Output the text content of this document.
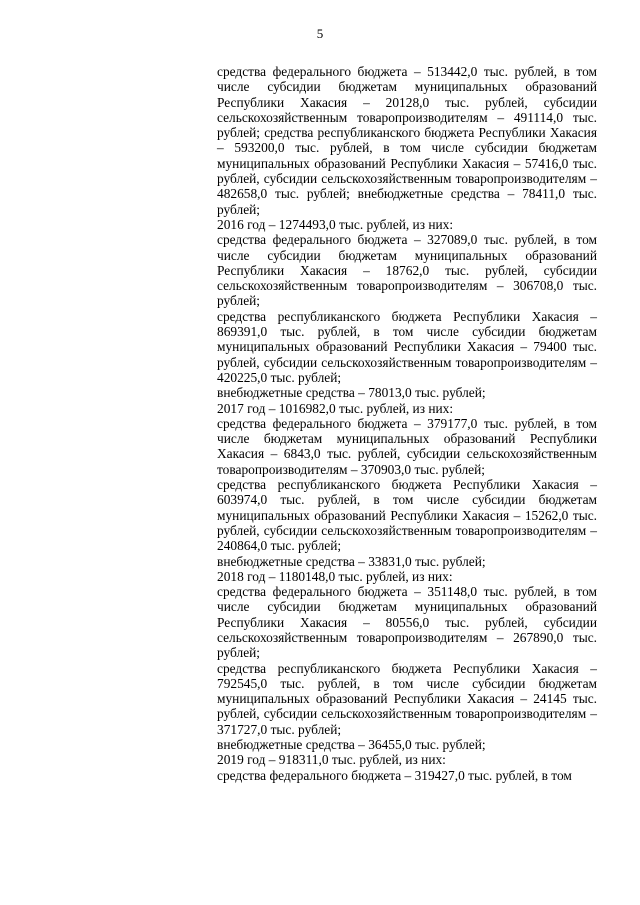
5

средства федерального бюджета – 513442,0 тыс. рублей, в том числе субсидии бюджетам муниципальных образований Республики Хакасия – 20128,0 тыс. рублей, субсидии сельскохозяйственным товаропроизводителям – 491114,0 тыс. рублей; средства республиканского бюджета Республики Хакасия – 593200,0 тыс. рублей, в том числе субсидии бюджетам муниципальных образований Республики Хакасия – 57416,0 тыс. рублей, субсидии сельскохозяйственным товаропроизводителям – 482658,0 тыс. рублей; внебюджетные средства – 78411,0 тыс. рублей;

2016 год – 1274493,0 тыс. рублей, из них:

средства федерального бюджета – 327089,0 тыс. рублей, в том числе субсидии бюджетам муниципальных образований Республики Хакасия – 18762,0 тыс. рублей, субсидии сельскохозяйственным товаропроизводителям – 306708,0 тыс. рублей;

средства республиканского бюджета Республики Хакасия – 869391,0 тыс. рублей, в том числе субсидии бюджетам муниципальных образований Республики Хакасия – 79400 тыс. рублей, субсидии сельскохозяйственным товаропроизводителям – 420225,0 тыс. рублей;

внебюджетные средства – 78013,0 тыс. рублей;

2017 год – 1016982,0 тыс. рублей, из них:

средства федерального бюджета – 379177,0 тыс. рублей, в том числе бюджетам муниципальных образований Республики Хакасия – 6843,0 тыс. рублей, субсидии сельскохозяйственным товаропроизводителям – 370903,0 тыс. рублей;

средства республиканского бюджета Республики Хакасия – 603974,0 тыс. рублей, в том числе субсидии бюджетам муниципальных образований Республики Хакасия – 15262,0 тыс. рублей, субсидии сельскохозяйственным товаропроизводителям – 240864,0 тыс. рублей;

внебюджетные средства – 33831,0 тыс. рублей;

2018 год – 1180148,0 тыс. рублей, из них:

средства федерального бюджета – 351148,0 тыс. рублей, в том числе субсидии бюджетам муниципальных образований Республики Хакасия – 80556,0 тыс. рублей, субсидии сельскохозяйственным товаропроизводителям – 267890,0 тыс. рублей;

средства республиканского бюджета Республики Хакасия – 792545,0 тыс. рублей, в том числе субсидии бюджетам муниципальных образований Республики Хакасия – 24145 тыс. рублей, субсидии сельскохозяйственным товаропроизводителям – 371727,0 тыс. рублей;

внебюджетные средства – 36455,0 тыс. рублей;

2019 год – 918311,0 тыс. рублей, из них:

средства федерального бюджета – 319427,0 тыс. рублей, в том
